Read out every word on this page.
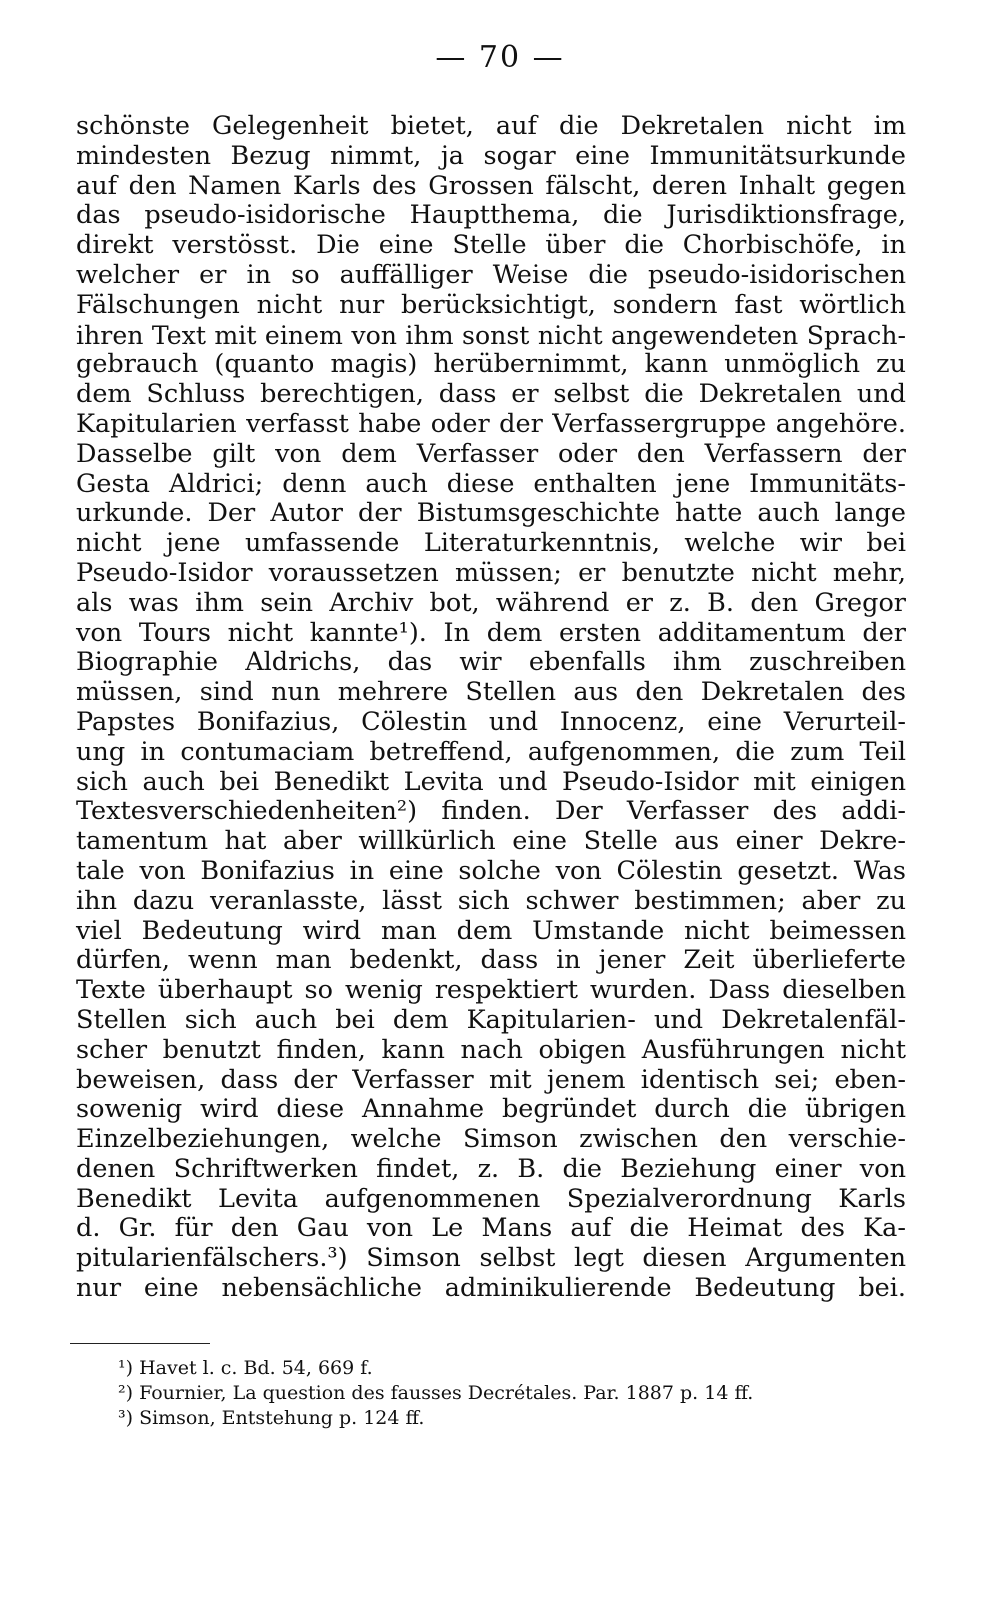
— 70 —
schönste Gelegenheit bietet, auf die Dekretalen nicht im
mindesten Bezug nimmt, ja sogar eine Immunitätsurkunde
auf den Namen Karls des Grossen fälscht, deren Inhalt gegen
das pseudo-isidorische Hauptthema, die Jurisdiktionsfrage,
direkt verstösst. Die eine Stelle über die Chorbischöfe, in
welcher er in so auffälliger Weise die pseudo-isidorischen
Fälschungen nicht nur berücksichtigt, sondern fast wörtlich
ihren Text mit einem von ihm sonst nicht angewendeten Sprach-
gebrauch (quanto magis) herübernimmt, kann unmöglich zu
dem Schluss berechtigen, dass er selbst die Dekretalen und
Kapitularien verfasst habe oder der Verfassergruppe angehöre.
Dasselbe gilt von dem Verfasser oder den Verfassern der
Gesta Aldrici; denn auch diese enthalten jene Immunitäts-
urkunde. Der Autor der Bistumsgeschichte hatte auch lange
nicht jene umfassende Literaturkenntnis, welche wir bei
Pseudo-Isidor voraussetzen müssen; er benutzte nicht mehr,
als was ihm sein Archiv bot, während er z. B. den Gregor
von Tours nicht kannte¹). In dem ersten additamentum der
Biographie Aldrichs, das wir ebenfalls ihm zuschreiben
müssen, sind nun mehrere Stellen aus den Dekretalen des
Papstes Bonifazius, Cölestin und Innocenz, eine Verurteil-
ung in contumaciam betreffend, aufgenommen, die zum Teil
sich auch bei Benedikt Levita und Pseudo-Isidor mit einigen
Textesverschiedenheiten²) finden. Der Verfasser des addi-
tamentum hat aber willkürlich eine Stelle aus einer Dekre-
tale von Bonifazius in eine solche von Cölestin gesetzt. Was
ihn dazu veranlasste, lässt sich schwer bestimmen; aber zu
viel Bedeutung wird man dem Umstande nicht beimessen
dürfen, wenn man bedenkt, dass in jener Zeit überlieferte
Texte überhaupt so wenig respektiert wurden. Dass dieselben
Stellen sich auch bei dem Kapitularien- und Dekretalenfäl-
scher benutzt finden, kann nach obigen Ausführungen nicht
beweisen, dass der Verfasser mit jenem identisch sei; eben-
sowenig wird diese Annahme begründet durch die übrigen
Einzelbeziehungen, welche Simson zwischen den verschie-
denen Schriftwerken findet, z. B. die Beziehung einer von
Benedikt Levita aufgenommenen Spezialverordnung Karls
d. Gr. für den Gau von Le Mans auf die Heimat des Ka-
pitularienfälschers.³) Simson selbst legt diesen Argumenten
nur eine nebensächliche adminikulierende Bedeutung bei.
¹) Havet l. c. Bd. 54, 669 f.
²) Fournier, La question des fausses Decrétales. Par. 1887 p. 14 ff.
³) Simson, Entstehung p. 124 ff.
